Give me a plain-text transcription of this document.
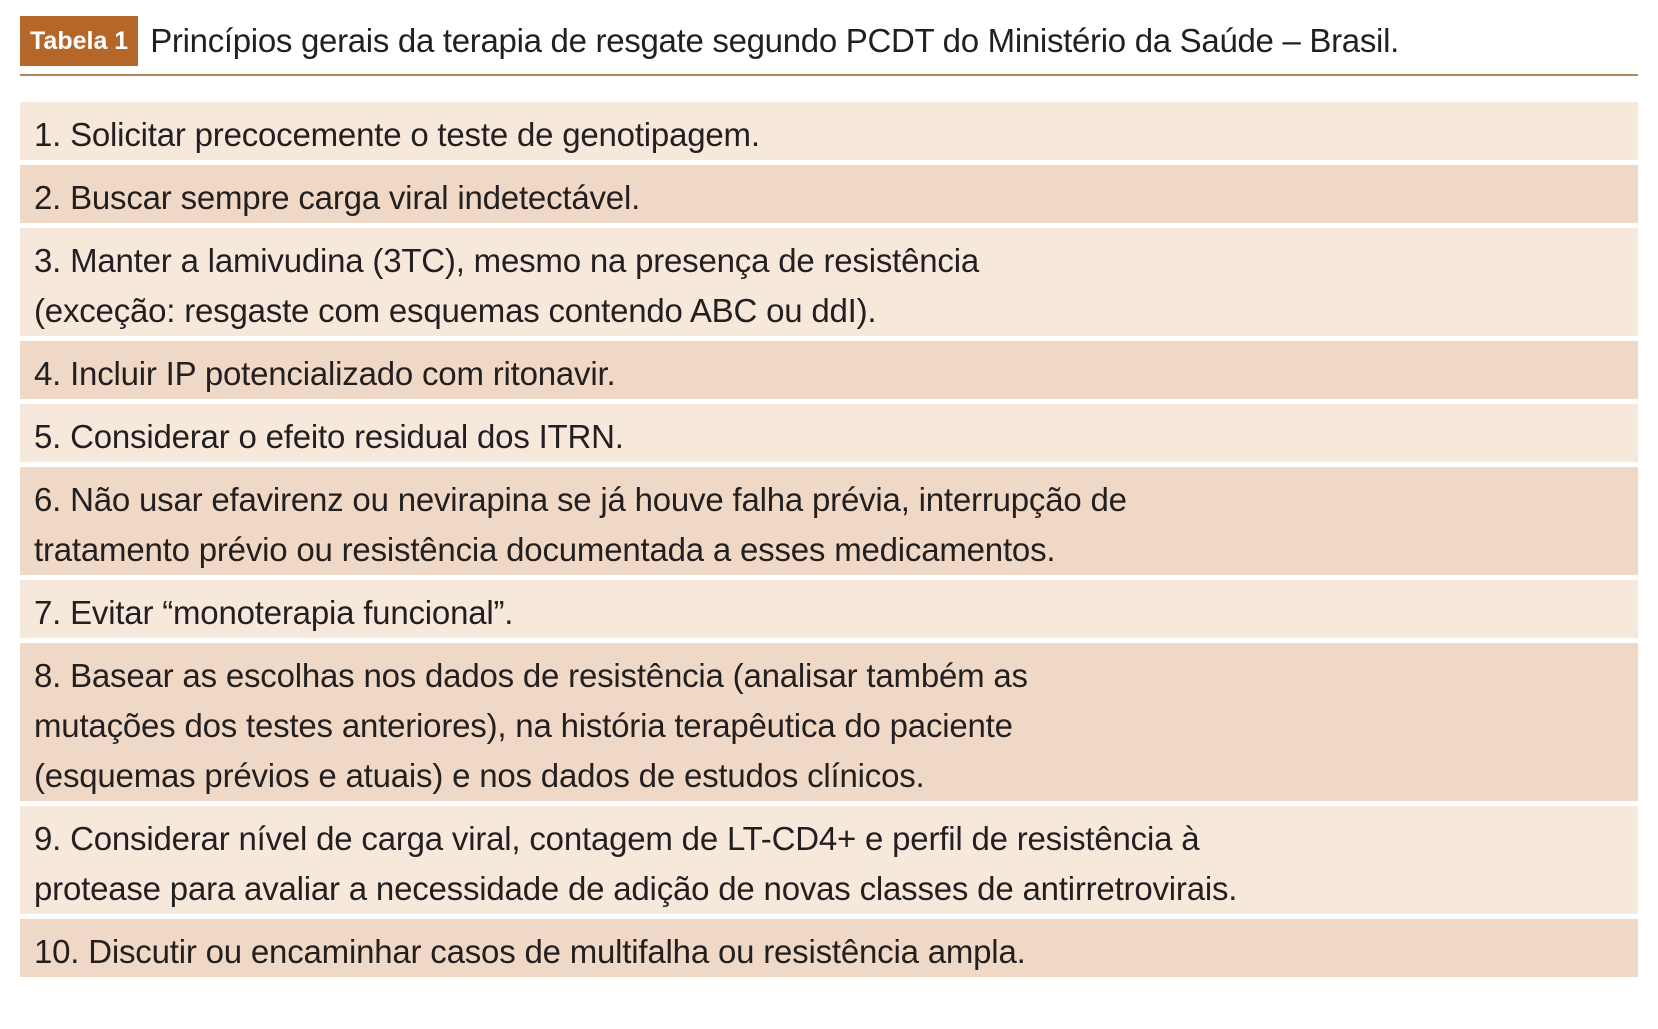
Tabela 1 Princípios gerais da terapia de resgate segundo PCDT do Ministério da Saúde – Brasil.
1. Solicitar precocemente o teste de genotipagem.
2. Buscar sempre carga viral indetectável.
3. Manter a lamivudina (3TC), mesmo na presença de resistência
(exceção: resgaste com esquemas contendo ABC ou ddI).
4. Incluir IP potencializado com ritonavir.
5. Considerar o efeito residual dos ITRN.
6. Não usar efavirenz ou nevirapina se já houve falha prévia, interrupção de
tratamento prévio ou resistência documentada a esses medicamentos.
7. Evitar “monoterapia funcional”.
8. Basear as escolhas nos dados de resistência (analisar também as
mutações dos testes anteriores), na história terapêutica do paciente
(esquemas prévios e atuais) e nos dados de estudos clínicos.
9. Considerar nível de carga viral, contagem de LT-CD4+ e perfil de resistência à
protease para avaliar a necessidade de adição de novas classes de antirretrovirais.
10. Discutir ou encaminhar casos de multifalha ou resistência ampla.
